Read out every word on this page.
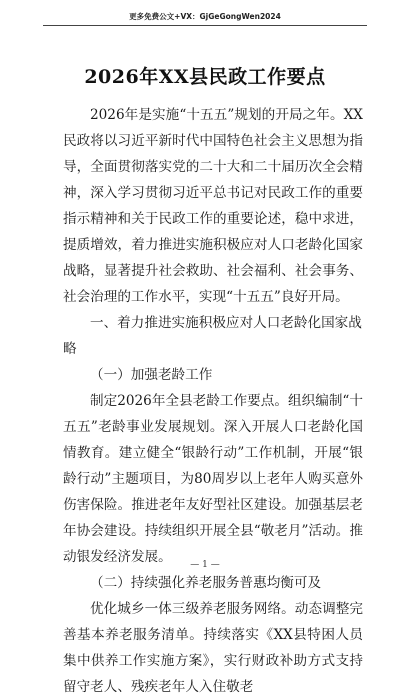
更多免费公文+VX：GjGeGongWen2024
2026年XX县民政工作要点

2026年是实施“十五五”规划的开局之年。XX民政将以习近平新时代中国特色社会主义思想为指导，全面贯彻落实党的二十大和二十届历次全会精神，深入学习贯彻习近平总书记对民政工作的重要指示精神和关于民政工作的重要论述，稳中求进，提质增效，着力推进实施积极应对人口老龄化国家战略，显著提升社会救助、社会福利、社会事务、社会治理的工作水平，实现“十五五”良好开局。

一、着力推进实施积极应对人口老龄化国家战略

（一）加强老龄工作

制定2026年全县老龄工作要点。组织编制“十五五”老龄事业发展规划。深入开展人口老龄化国情教育。建立健全“银龄行动”工作机制，开展“银龄行动”主题项目，为80周岁以上老年人购买意外伤害保险。推进老年友好型社区建设。加强基层老年协会建设。持续组织开展全县“敬老月”活动。推动银发经济发展。

（二）持续强化养老服务普惠均衡可及

优化城乡一体三级养老服务网络。动态调整完善基本养老服务清单。持续落实《XX县特困人员集中供养工作实施方案》，实行财政补助方式支持留守老人、残疾老年人入住敬老

— 1 —
